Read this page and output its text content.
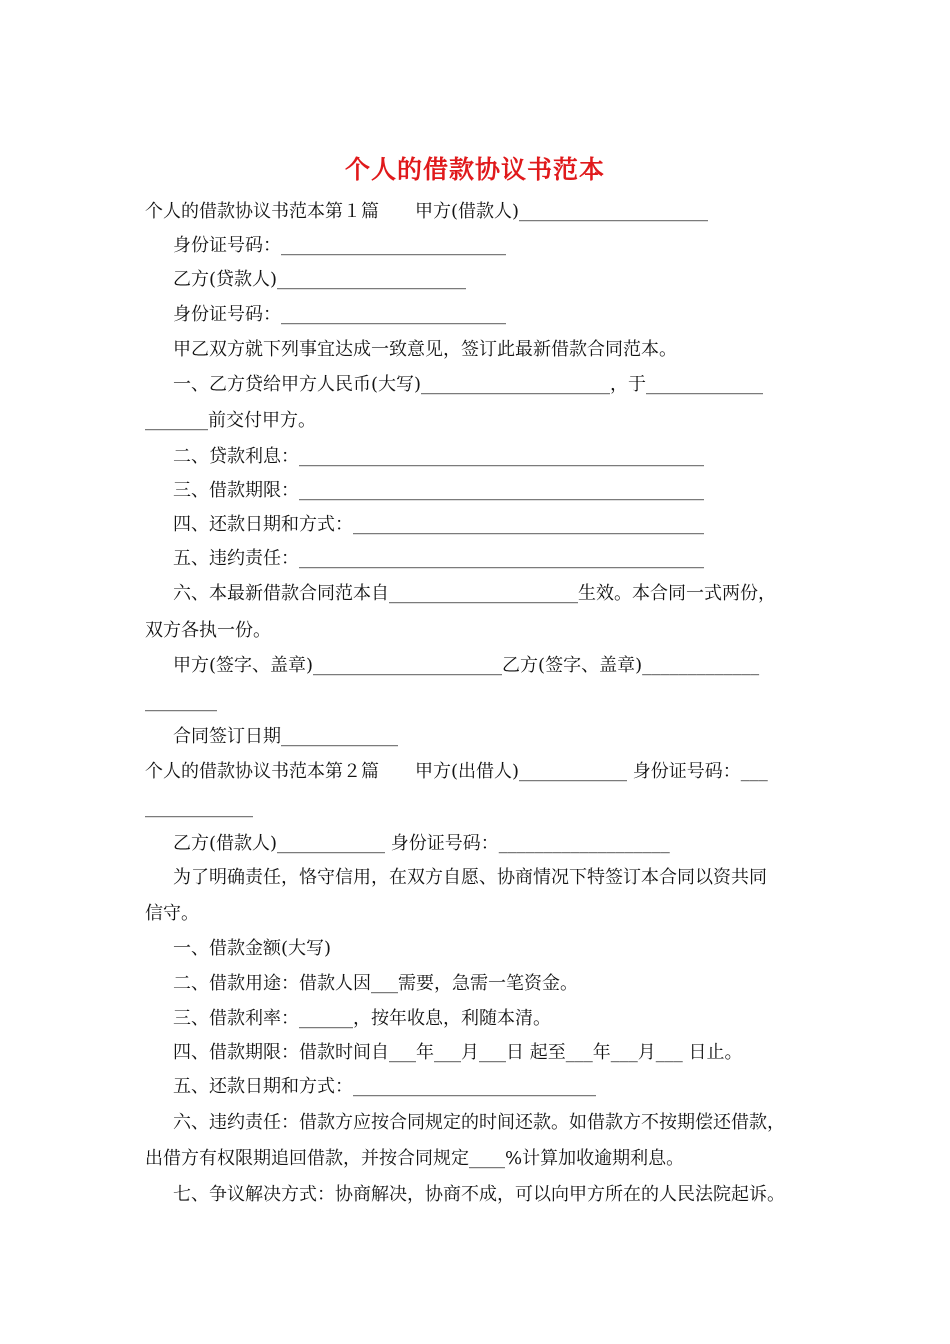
个人的借款协议书范本
个人的借款协议书范本第１篇　　甲方(借款人)_____________________
身份证号码：_________________________
乙方(贷款人)_____________________
身份证号码：_________________________
甲乙双方就下列事宜达成一致意见，签订此最新借款合同范本。
一、乙方贷给甲方人民币(大写)_____________________，于_____________
_______前交付甲方。
二、贷款利息：_____________________________________________
三、借款期限：_____________________________________________
四、还款日期和方式：_______________________________________
五、违约责任：_____________________________________________
六、本最新借款合同范本自_____________________生效。本合同一式两份，
双方各执一份。
甲方(签字、盖章)_____________________乙方(签字、盖章)_____________
________
合同签订日期_____________
个人的借款协议书范本第２篇　　甲方(出借人)____________ 身份证号码：___
____________
乙方(借款人)____________ 身份证号码：___________________
为了明确责任，恪守信用，在双方自愿、协商情况下特签订本合同以资共同
信守。
一、借款金额(大写)
二、借款用途：借款人因___需要，急需一笔资金。
三、借款利率：______，按年收息，利随本清。
四、借款期限：借款时间自___年___月___日 起至___年___月___ 日止。
五、还款日期和方式：___________________________
六、违约责任：借款方应按合同规定的时间还款。如借款方不按期偿还借款，
出借方有权限期追回借款，并按合同规定____%计算加收逾期利息。
七、争议解决方式：协商解决，协商不成，可以向甲方所在的人民法院起诉。
